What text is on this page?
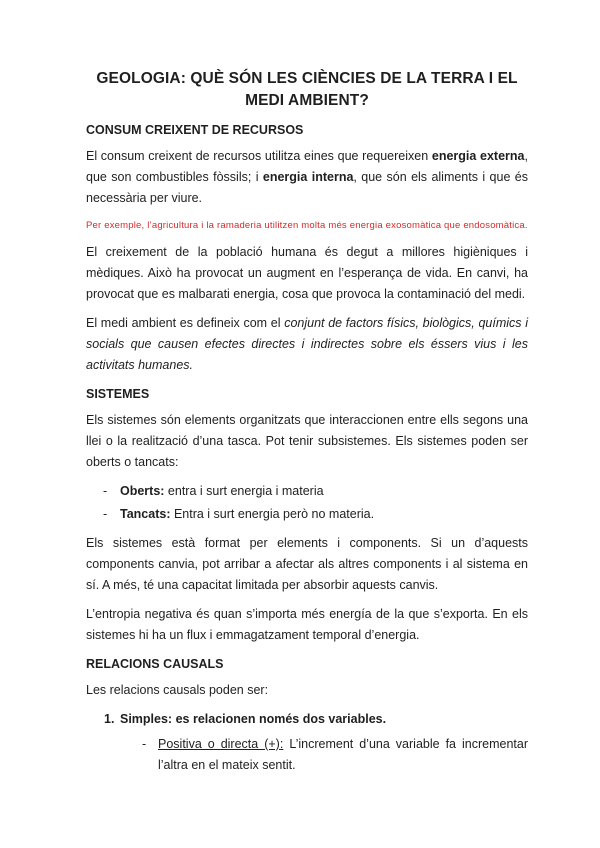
GEOLOGIA: QUÈ SÓN LES CIÈNCIES DE LA TERRA I EL
MEDI AMBIENT?
CONSUM CREIXENT DE RECURSOS

El consum creixent de recursos utilitza eines que requereixen energia externa, que son combustibles fòssils; i energia interna, que són els aliments i que és necessària per viure.

Per exemple, l’agricultura i la ramaderia utilitzen molta més energia exosomàtica que endosomàtica.

El creixement de la població humana és degut a millores higièniques i mèdiques. Això ha provocat un augment en l’esperança de vida. En canvi, ha provocat que es malbarati energia, cosa que provoca la contaminació del medi.

El medi ambient es defineix com el conjunt de factors físics, biològics, químics i socials que causen efectes directes i indirectes sobre els éssers vius i les activitats humanes.

SISTEMES

Els sistemes són elements organitzats que interaccionen entre ells segons una llei o la realització d’una tasca. Pot tenir subsistemes. Els sistemes poden ser oberts o tancats:

- Oberts: entra i surt energia i materia
- Tancats: Entra i surt energia però no materia.

Els sistemes està format per elements i components. Si un d’aquests components canvia, pot arribar a afectar als altres components i al sistema en sí. A més, té una capacitat limitada per absorbir aquests canvis.

L’entropia negativa és quan s’importa més energía de la que s’exporta. En els sistemes hi ha un flux i emmagatzament temporal d’energia.

RELACIONS CAUSALS

Les relacions causals poden ser:

1. Simples: es relacionen només dos variables.
- Positiva o directa (+): L’increment d’una variable fa incrementar l’altra en el mateix sentit.
